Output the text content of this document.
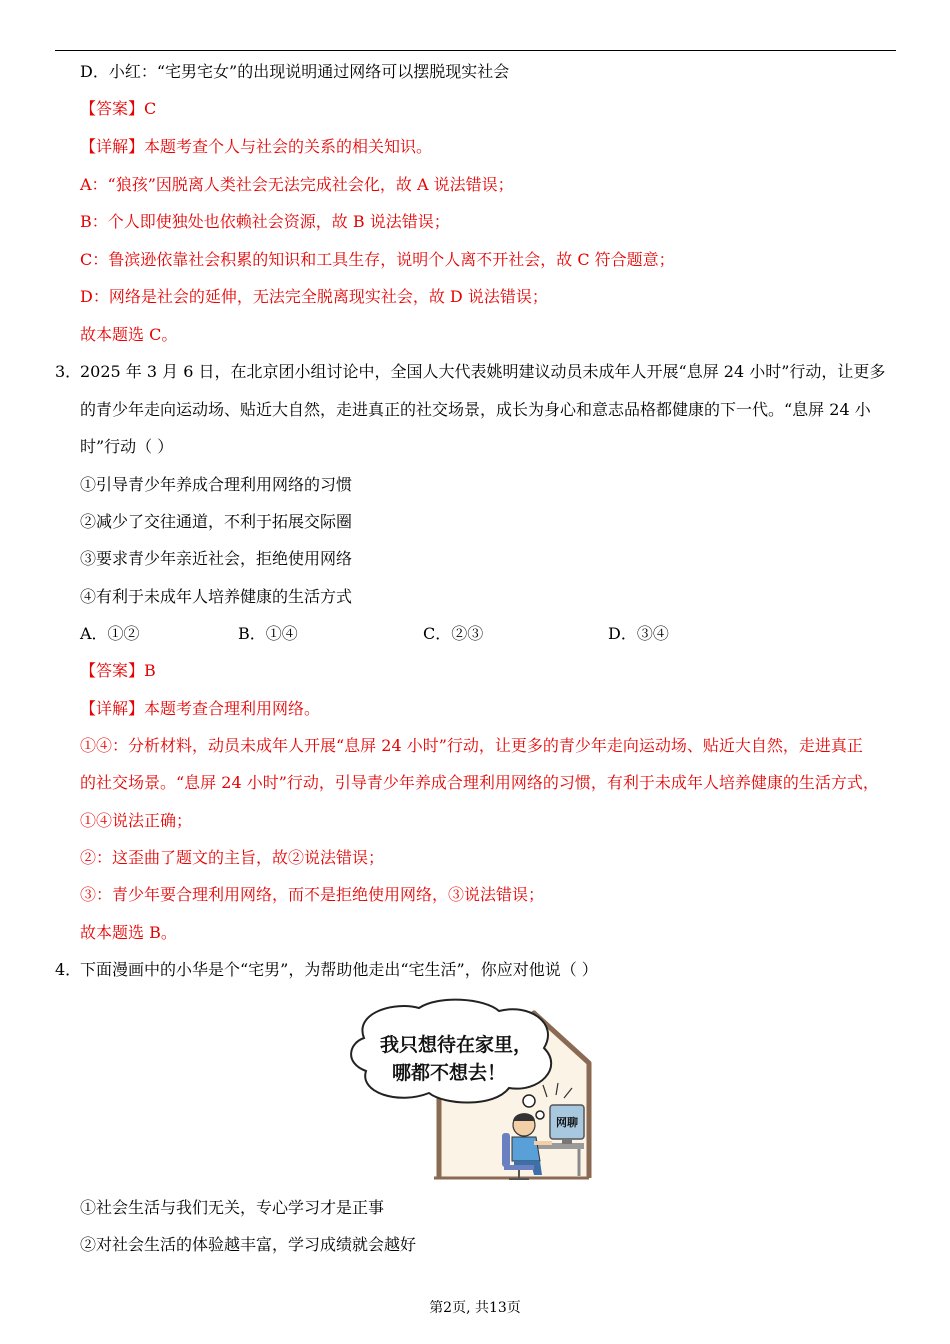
D．小红：“宅男宅女”的出现说明通过网络可以摆脱现实社会
【答案】C
【详解】本题考查个人与社会的关系的相关知识。
A：“狼孩”因脱离人类社会无法完成社会化，故 A 说法错误；
B：个人即使独处也依赖社会资源，故 B 说法错误；
C：鲁滨逊依靠社会积累的知识和工具生存，说明个人离不开社会，故 C 符合题意；
D：网络是社会的延伸，无法完全脱离现实社会，故 D 说法错误；
故本题选 C。
3．
2025 年 3 月 6 日，在北京团小组讨论中，全国人大代表姚明建议动员未成年人开展“息屏 24 小时”行动，让更多
的青少年走向运动场、贴近大自然，走进真正的社交场景，成长为身心和意志品格都健康的下一代。“息屏 24 小
时”行动（ ）
①引导青少年养成合理利用网络的习惯
②减少了交往通道，不利于拓展交际圈
③要求青少年亲近社会，拒绝使用网络
④有利于未成年人培养健康的生活方式
A．①②	B．①④	C．②③	D．③④
【答案】B
【详解】本题考查合理利用网络。
①④：分析材料，动员未成年人开展“息屏 24 小时”行动，让更多的青少年走向运动场、贴近大自然，走进真正
的社交场景。“息屏 24 小时”行动，引导青少年养成合理利用网络的习惯，有利于未成年人培养健康的生活方式，
①④说法正确；
②：这歪曲了题文的主旨，故②说法错误；
③：青少年要合理利用网络，而不是拒绝使用网络，③说法错误；
故本题选 B。
4．
下面漫画中的小华是个“宅男”，为帮助他走出“宅生活”，你应对他说（ ）
我只想待在家里，
哪都不想去！
网聊
①社会生活与我们无关，专心学习才是正事
②对社会生活的体验越丰富，学习成绩就会越好
第2页, 共13页
